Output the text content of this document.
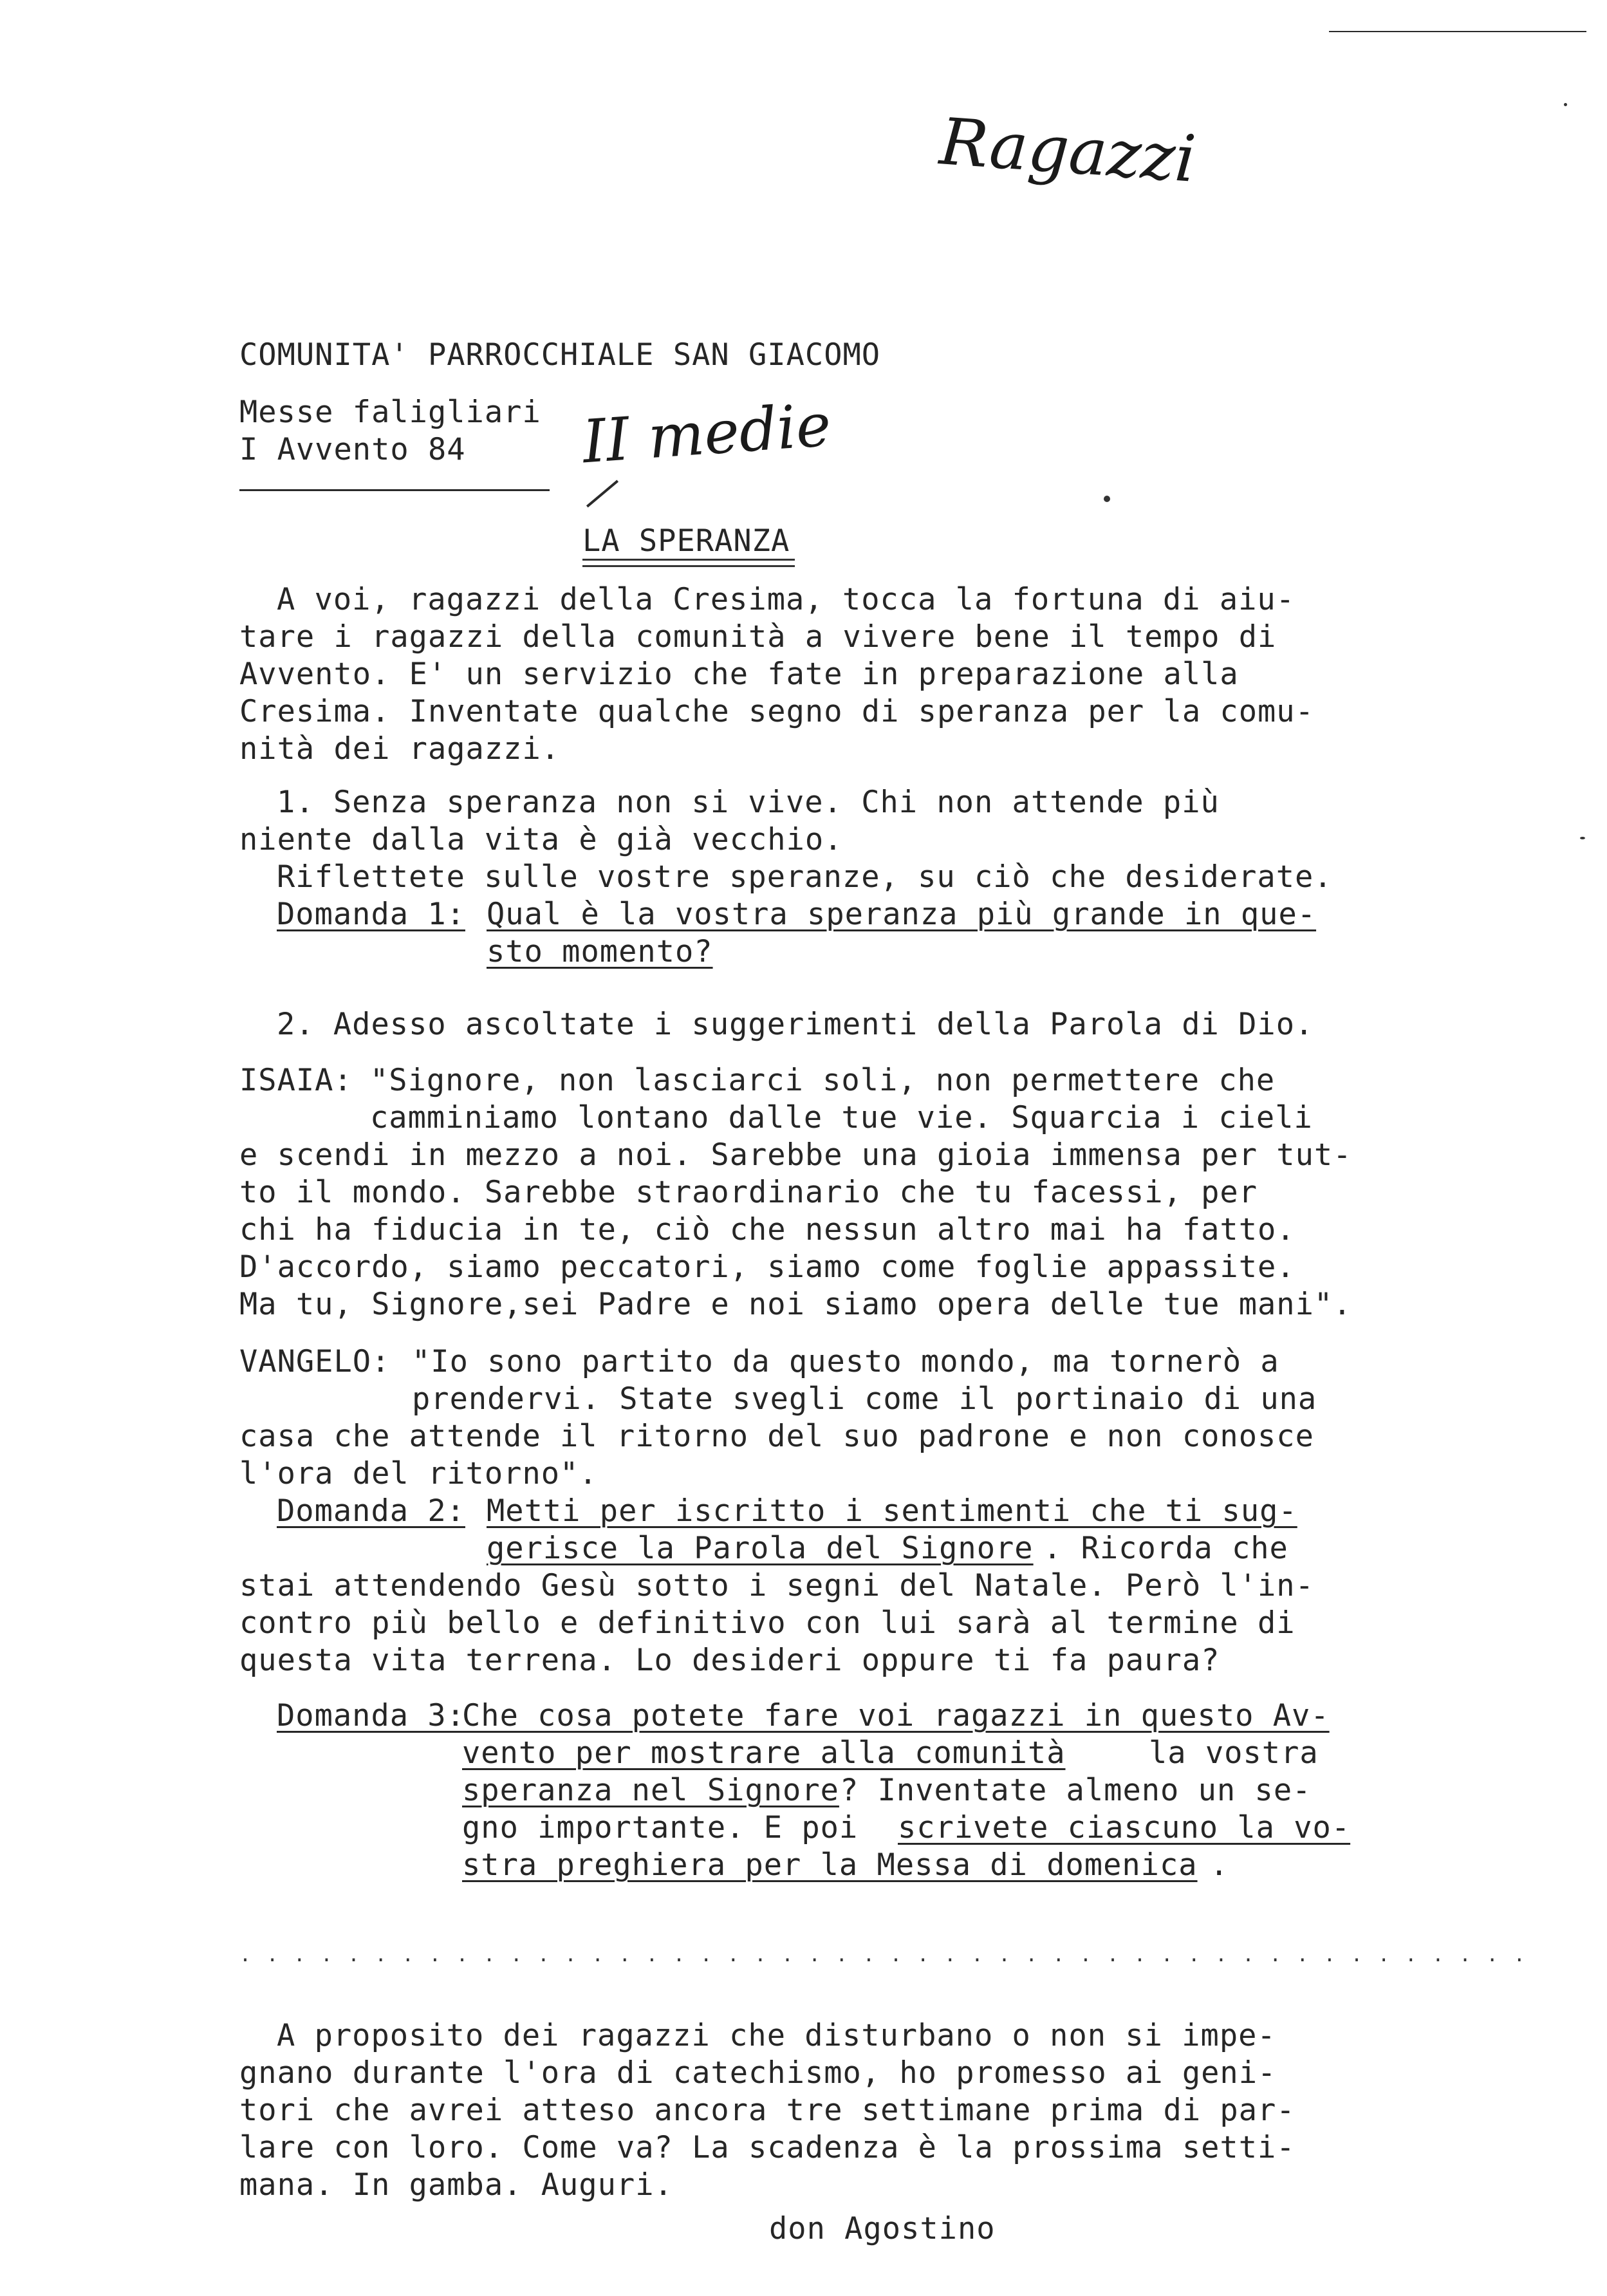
Ragazzi
II medie
COMUNITA' PARROCCHIALE SAN GIACOMO
Messe faligliari
I Avvento 84
LA SPERANZA
A voi, ragazzi della Cresima, tocca la fortuna di aiu-
tare i ragazzi della comunità a vivere bene il tempo di
Avvento. E' un servizio che fate in preparazione alla
Cresima. Inventate qualche segno di speranza per la comu-
nità dei ragazzi.
1. Senza speranza non si vive. Chi non attende più
niente dalla vita è già vecchio.
Riflettete sulle vostre speranze, su ciò che desiderate.
Domanda 1: Qual è la vostra speranza più grande in que-
sto momento?
2. Adesso ascoltate i suggerimenti della Parola di Dio.
ISAIA: "Signore, non lasciarci soli, non permettere che
camminiamo lontano dalle tue vie. Squarcia i cieli
e scendi in mezzo a noi. Sarebbe una gioia immensa per tut-
to il mondo. Sarebbe straordinario che tu facessi, per
chi ha fiducia in te, ciò che nessun altro mai ha fatto.
D'accordo, siamo peccatori, siamo come foglie appassite.
Ma tu, Signore,sei Padre e noi siamo opera delle tue mani".
VANGELO: "Io sono partito da questo mondo, ma tornerò a
prendervi. State svegli come il portinaio di una
casa che attende il ritorno del suo padrone e non conosce
l'ora del ritorno".
Domanda 2: Metti per iscritto i sentimenti che ti sug-
gerisce la Parola del Signore . Ricorda che
stai attendendo Gesù sotto i segni del Natale. Però l'in-
contro più bello e definitivo con lui sarà al termine di
questa vita terrena. Lo desideri oppure ti fa paura?
Domanda 3:
Che cosa potete fare voi ragazzi in questo Av-
vento per mostrare alla comunità	la vostra
speranza nel Signore ? Inventate almeno un se-
gno importante. E poi scrivete ciascuno la vo-
stra preghiera per la Messa di domenica .
. . . . . . . . . . . . . . . . . . . . . . . . . . . . . . . . . . . . . . . . . . . . . . . .
A proposito dei ragazzi che disturbano o non si impe-
gnano durante l'ora di catechismo, ho promesso ai geni-
tori che avrei atteso ancora tre settimane prima di par-
lare con loro. Come va? La scadenza è la prossima setti-
mana. In gamba. Auguri.
don Agostino
